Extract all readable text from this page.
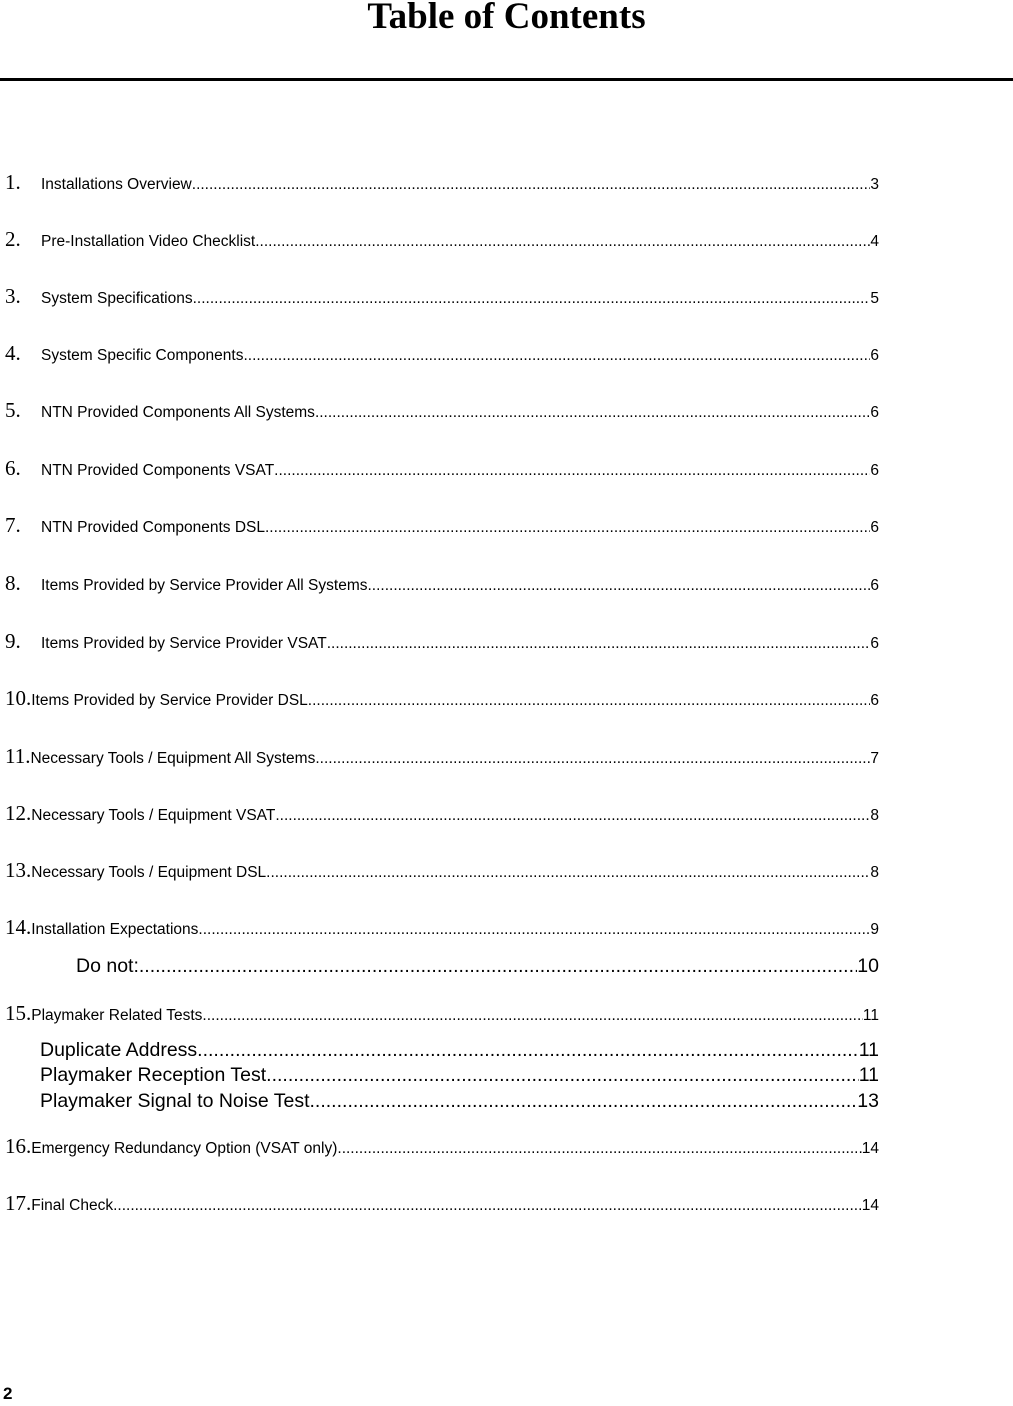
Table of Contents
1.	Installations Overview .....	3
2.	Pre-Installation Video Checklist .....	4
3.	System Specifications .....	5
4.	System Specific Components .....	6
5.	NTN Provided Components All Systems .....	6
6.	NTN Provided Components VSAT .....	6
7.	NTN Provided Components DSL .....	6
8.	Items Provided by Service Provider All Systems .....	6
9.	Items Provided by Service Provider VSAT .....	6
10. Items Provided by Service Provider DSL .....	6
11. Necessary Tools / Equipment All Systems .....	7
12. Necessary Tools / Equipment VSAT .....	8
13. Necessary Tools / Equipment DSL .....	8
14. Installation Expectations .....	9
Do not: .....	10
15. Playmaker Related Tests .....	11
Duplicate Address .....	11
Playmaker Reception Test .....	11
Playmaker Signal to Noise Test .....	13
16. Emergency Redundancy Option (VSAT only) .....	14
17. Final Check .....	14
2
